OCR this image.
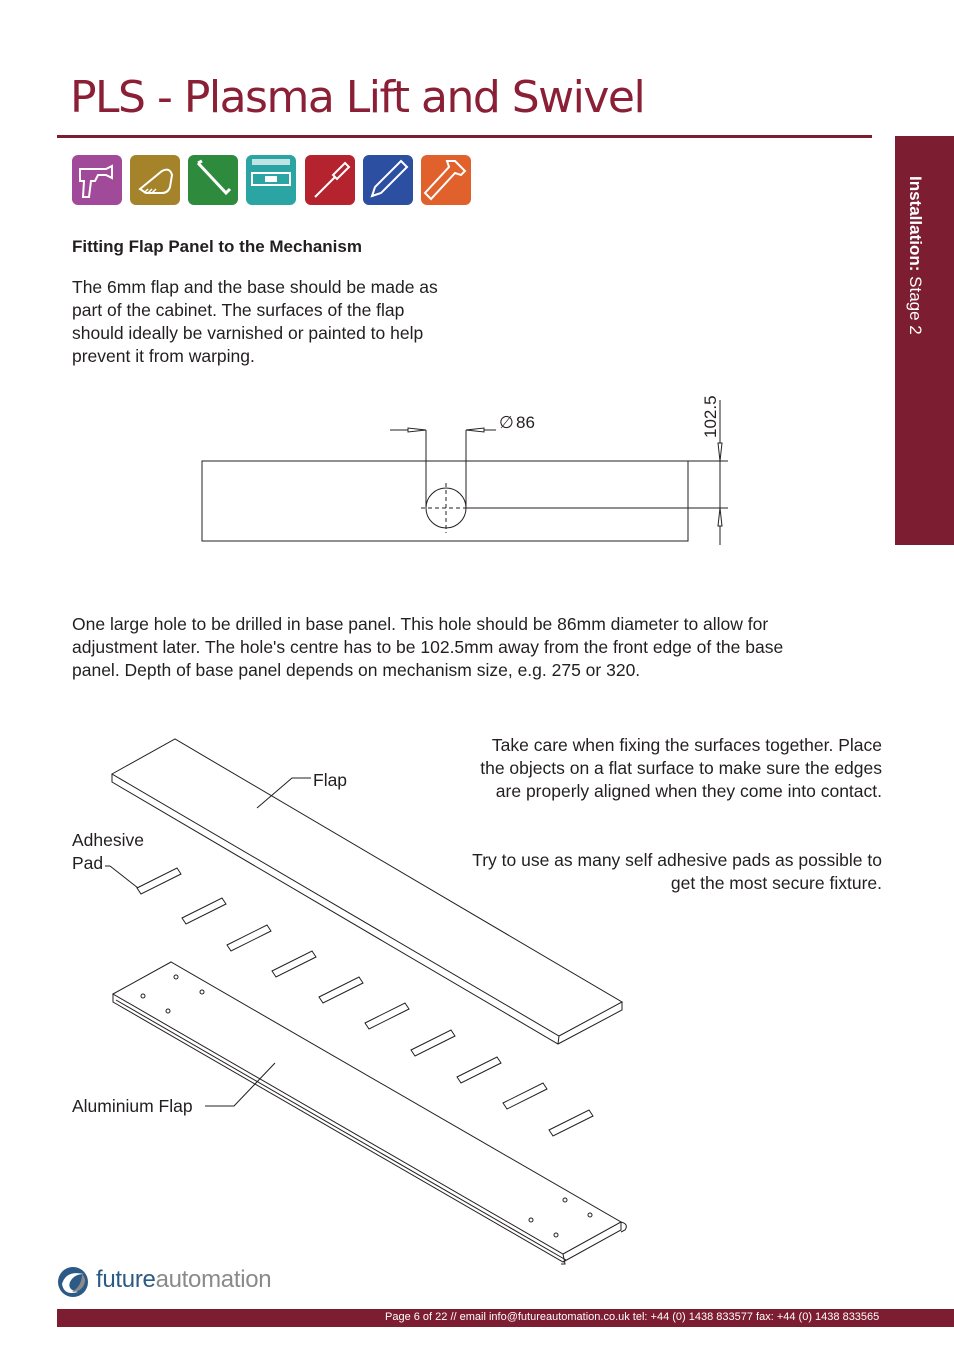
PLS - Plasma Lift and Swivel
Installation: Stage 2
Fitting Flap Panel to the Mechanism
The 6mm flap and the base should be made as part of the cabinet. The surfaces of the flap should ideally be varnished or painted to help prevent it from warping.
∅ 86	102.5
One large hole to be drilled in base panel. This hole should be 86mm diameter to allow for adjustment later. The hole's centre has to be 102.5mm away from the front edge of the base panel. Depth of base panel depends on mechanism size, e.g. 275 or 320.
Flap
Adhesive
Pad
Aluminium Flap
Take care when fixing the surfaces together. Place the objects on a flat surface to make sure the edges are properly aligned when they come into contact.
Try to use as many self adhesive pads as possible to get the most secure fixture.
futureautomation
Page 6 of 22 // email info@futureautomation.co.uk tel: +44 (0) 1438 833577 fax: +44 (0) 1438 833565
